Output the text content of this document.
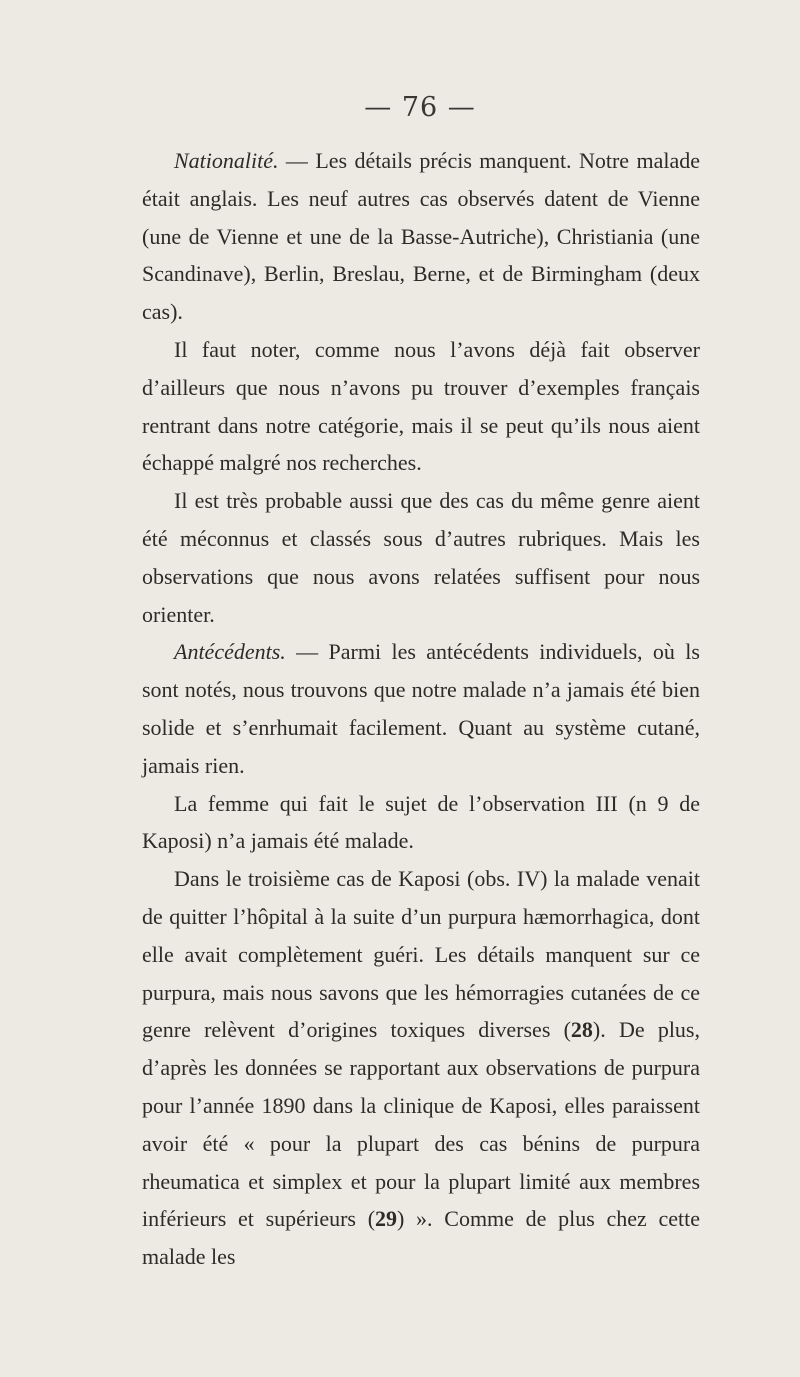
— 76 —

Nationalité. — Les détails précis manquent. Notre malade était anglais. Les neuf autres cas observés datent de Vienne (une de Vienne et une de la Basse-Autriche), Christiania (une Scandinave), Berlin, Breslau, Berne, et de Birmingham (deux cas).

Il faut noter, comme nous l’avons déjà fait observer d’ailleurs que nous n’avons pu trouver d’exemples français rentrant dans notre catégorie, mais il se peut qu’ils nous aient échappé malgré nos recherches.

Il est très probable aussi que des cas du même genre aient été méconnus et classés sous d’autres rubriques. Mais les observations que nous avons relatées suffisent pour nous orienter.

Antécédents. — Parmi les antécédents individuels, où ls sont notés, nous trouvons que notre malade n’a jamais été bien solide et s’enrhumait facilement. Quant au système cutané, jamais rien.

La femme qui fait le sujet de l’observation III (n 9 de Kaposi) n’a jamais été malade.

Dans le troisième cas de Kaposi (obs. IV) la malade venait de quitter l’hôpital à la suite d’un purpura hæmorrhagica, dont elle avait complètement guéri. Les détails manquent sur ce purpura, mais nous savons que les hémorragies cutanées de ce genre relèvent d’origines toxiques diverses (28). De plus, d’après les données se rapportant aux observations de purpura pour l’année 1890 dans la clinique de Kaposi, elles paraissent avoir été « pour la plupart des cas bénins de purpura rheumatica et simplex et pour la plupart limité aux membres inférieurs et supérieurs (29) ». Comme de plus chez cette malade les
